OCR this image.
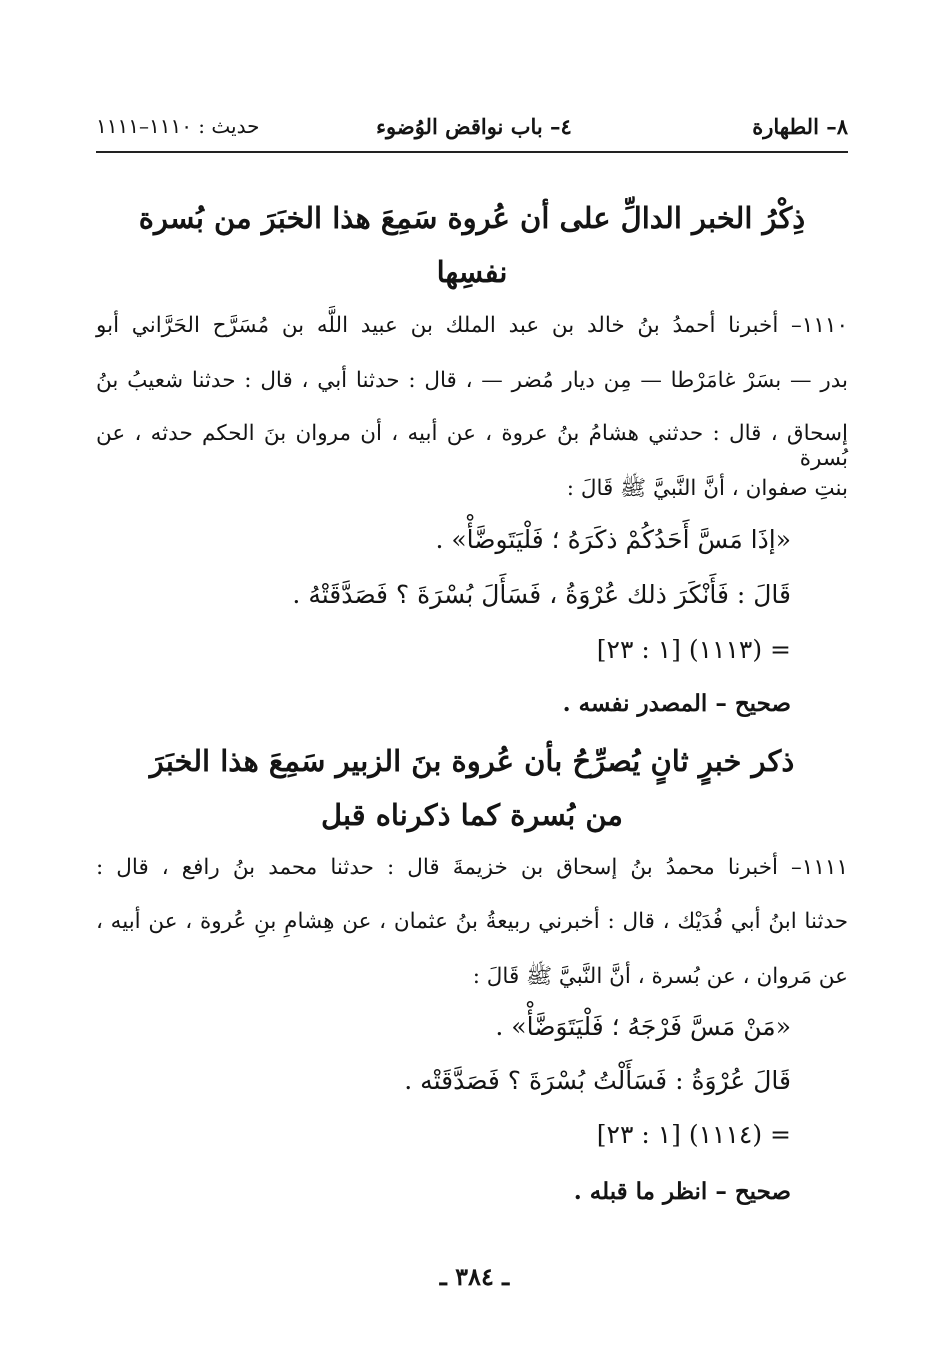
٨– الطهارة
٤– باب نواقض الوُضوء
حديث : ١١١٠–١١١١
ذِكْرُ الخبر الدالِّ على أن عُروة سَمِعَ هذا الخبَرَ من بُسرة
نفسِها
١١١٠– أخبرنا أحمدُ بنُ خالد بن عبد الملك بن عبيد اللَّه بن مُسَرَّح الحَرَّاني أبو
بدر — بسَرْ غامَرْطا — مِن ديار مُضر — ، قال : حدثنا أبي ، قال : حدثنا شعيبُ بنُ
إسحاق ، قال : حدثني هشامُ بنُ عروة ، عن أبيه ، أن مروان بنَ الحكم حدثه ، عن بُسرة
بنتِ صفوان ، أنَّ النَّبيَّ ﷺ قَالَ :
«إذَا مَسَّ أَحَدُكُمْ ذكَرَهُ ؛ فَلْيَتَوضَّأْ» .
قَالَ : فَأَنْكَرَ ذلك عُرْوَةُ ، فَسَأَلَ بُسْرَةَ ؟ فَصَدَّقَتْهُ .
= (١١١٣) [١ : ٢٣]
صحيح – المصدر نفسه .
ذكر خبرٍ ثانٍ يُصرِّحُ بأن عُروة بنَ الزبير سَمِعَ هذا الخبَرَ
من بُسرة كما ذكرناه قبل
١١١١– أخبرنا محمدُ بنُ إسحاق بن خزيمةَ قال : حدثنا محمد بنُ رافع ، قال :
حدثنا ابنُ أبي فُدَيْك ، قال : أخبرني ربيعةُ بنُ عثمان ، عن هِشامِ بنِ عُروة ، عن أبيه ،
عن مَروان ، عن بُسرة ، أنَّ النَّبيَّ ﷺ قَالَ :
«مَنْ مَسَّ فَرْجَهُ ؛ فَلْيَتَوَضَّأْ» .
قَالَ عُرْوَةُ : فَسَأَلْتُ بُسْرَةَ ؟ فَصَدَّقَتْه .
= (١١١٤) [١ : ٢٣]
صحيح – انظر ما قبله .
ـ ٣٨٤ ـ
